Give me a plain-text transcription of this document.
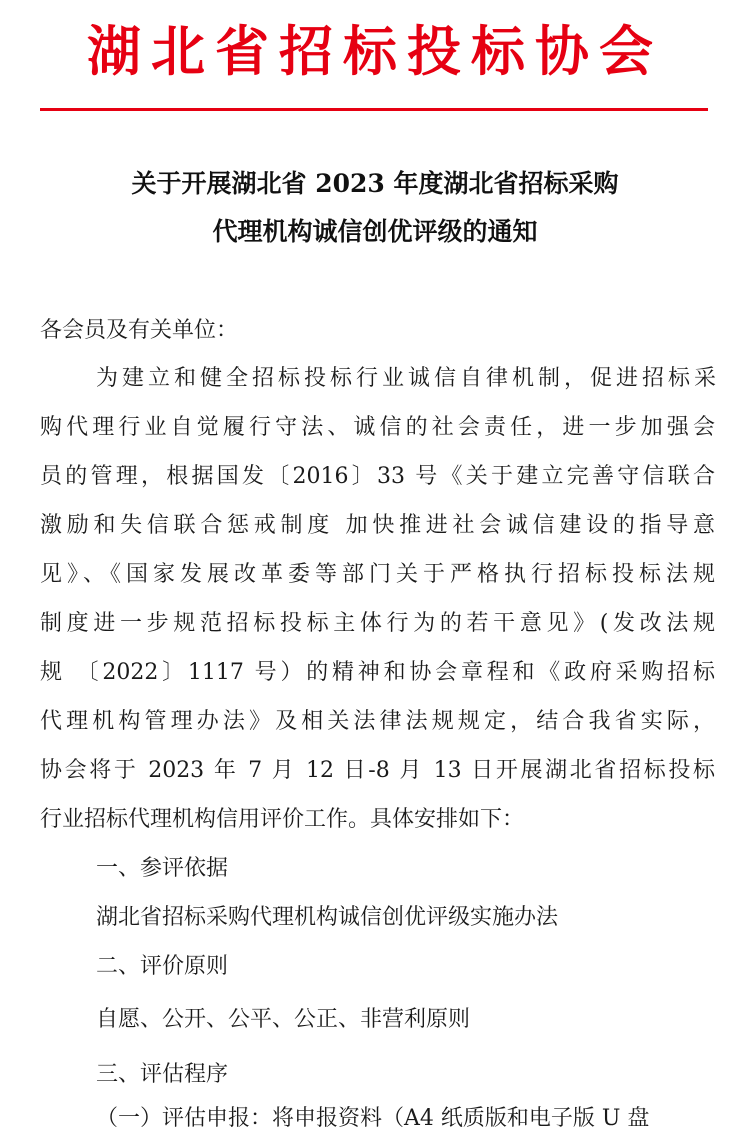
湖北省招标投标协会
关于开展湖北省 2023 年度湖北省招标采购
代理机构诚信创优评级的通知
各会员及有关单位：
为建立和健全招标投标行业诚信自律机制，促进招标采
购代理行业自觉履行守法、诚信的社会责任，进一步加强会
员的管理，根据国发〔2016〕33 号《关于建立完善守信联合
激励和失信联合惩戒制度 加快推进社会诚信建设的指导意
见》、《国家发展改革委等部门关于严格执行招标投标法规
制度进一步规范招标投标主体行为的若干意见》(发改法规
规 〔2022〕1117 号）的精神和协会章程和《政府采购招标
代理机构管理办法》及相关法律法规规定，结合我省实际，
协会将于 2023 年 7 月 12 日-8 月 13 日开展湖北省招标投标
行业招标代理机构信用评价工作。具体安排如下：
一、参评依据
湖北省招标采购代理机构诚信创优评级实施办法
二、评价原则
自愿、公开、公平、公正、非营利原则
三、评估程序
（一）评估申报：将申报资料（A4 纸质版和电子版 U 盘
